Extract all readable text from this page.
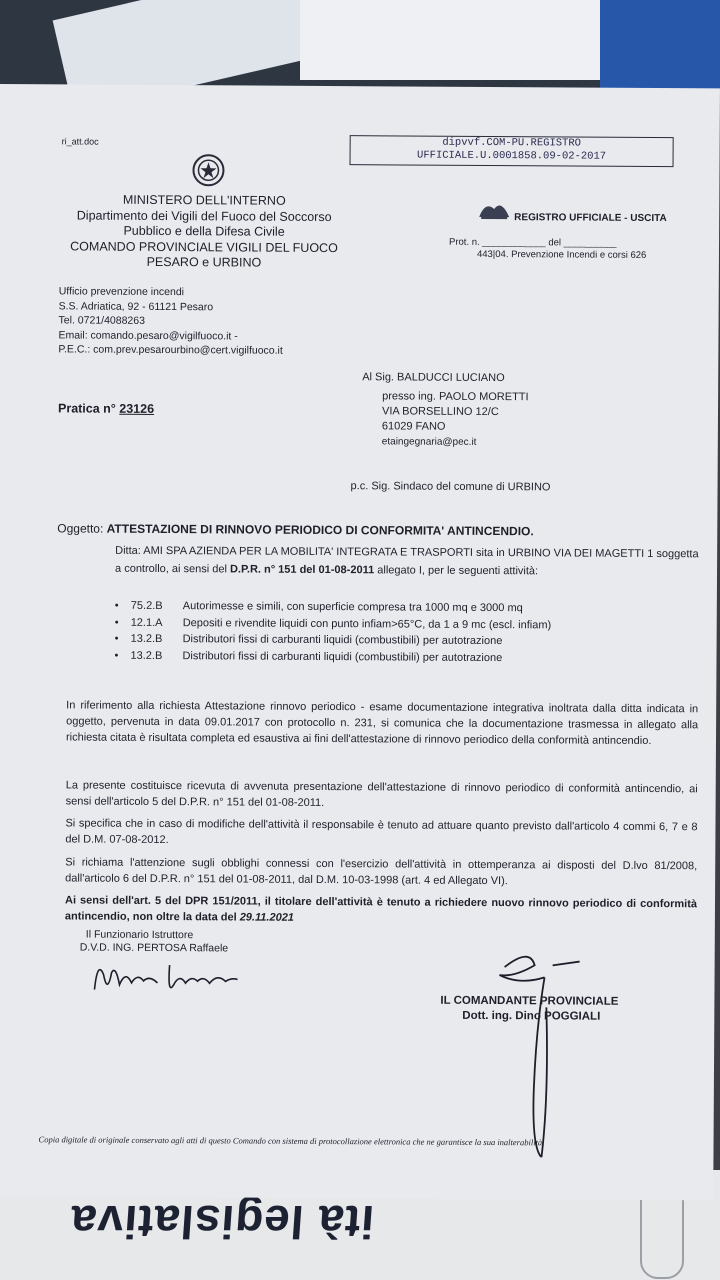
ità legislativa
ri_att.doc	dipvvf.COM-PU.REGISTRO
UFFICIALE.U.0001858.09-02-2017
MINISTERO DELL'INTERNO
Dipartimento dei Vigili del Fuoco del Soccorso
Pubblico e della Difesa Civile
COMANDO PROVINCIALE VIGILI DEL FUOCO
PESARO e URBINO
REGISTRO UFFICIALE - USCITA
Prot. n. ____________ del __________
443|04. Prevenzione Incendi e corsi 626
Ufficio prevenzione incendi
S.S. Adriatica, 92 - 61121 Pesaro
Tel. 0721/4088263
Email: comando.pesaro@vigilfuoco.it -
P.E.C.: com.prev.pesarourbino@cert.vigilfuoco.it
Al Sig. BALDUCCI LUCIANO
presso ing. PAOLO MORETTI
VIA BORSELLINO 12/C
61029 FANO
etaingegnaria@pec.it
Pratica n° 23126
p.c. Sig. Sindaco del comune di URBINO
Oggetto: ATTESTAZIONE DI RINNOVO PERIODICO DI CONFORMITA' ANTINCENDIO.
Ditta: AMI SPA AZIENDA PER LA MOBILITA' INTEGRATA E TRASPORTI sita in URBINO VIA DEI MAGETTI 1 soggetta a controllo, ai sensi del D.P.R. n° 151 del 01-08-2011 allegato I, per le seguenti attività:
•	75.2.B	Autorimesse e simili, con superficie compresa tra 1000 mq e 3000 mq
•	12.1.A	Depositi e rivendite liquidi con punto infiam>65°C, da 1 a 9 mc (escl. infiam)
•	13.2.B	Distributori fissi di carburanti liquidi (combustibili) per autotrazione
•	13.2.B	Distributori fissi di carburanti liquidi (combustibili) per autotrazione
In riferimento alla richiesta Attestazione rinnovo periodico - esame documentazione integrativa inoltrata dalla ditta indicata in oggetto, pervenuta in data 09.01.2017 con protocollo n. 231, si comunica che la documentazione trasmessa in allegato alla richiesta citata è risultata completa ed esaustiva ai fini dell'attestazione di rinnovo periodico della conformità antincendio.
La presente costituisce ricevuta di avvenuta presentazione dell'attestazione di rinnovo periodico di conformità antincendio, ai sensi dell'articolo 5 del D.P.R. n° 151 del 01-08-2011.
Si specifica che in caso di modifiche dell'attività il responsabile è tenuto ad attuare quanto previsto dall'articolo 4 commi 6, 7 e 8 del D.M. 07-08-2012.
Si richiama l'attenzione sugli obblighi connessi con l'esercizio dell'attività in ottemperanza ai disposti del D.lvo 81/2008, dall'articolo 6 del D.P.R. n° 151 del 01-08-2011, dal D.M. 10-03-1998 (art. 4 ed Allegato VI).
Ai sensi dell'art. 5 del DPR 151/2011, il titolare dell'attività è tenuto a richiedere nuovo rinnovo periodico di conformità antincendio, non oltre la data del 29.11.2021
Il Funzionario Istruttore
D.V.D. ING. PERTOSA Raffaele
IL COMANDANTE PROVINCIALE
Dott. ing. Dino POGGIALI
Copia digitale di originale conservato agli atti di questo Comando con sistema di protocollazione elettronica che ne garantisce la sua inalterabilità.
